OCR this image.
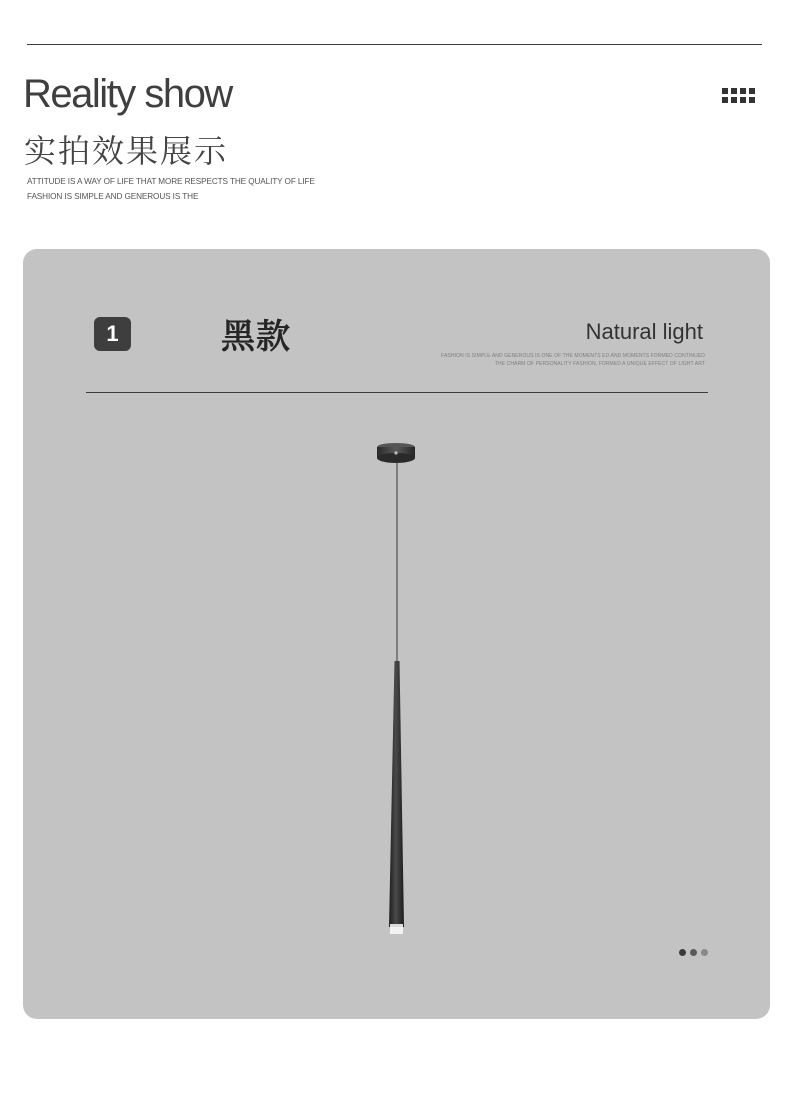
Reality show
实拍效果展示
ATTITUDE IS A WAY OF LIFE THAT MORE RESPECTS THE QUALITY OF LIFE
FASHION IS SIMPLE AND GENEROUS IS THE
1	黑款	Natural light
FASHION IS SIMPLE AND GENEROUS IS ONE OF THE MOMENTS ED AND MOMENTS FORMED CONTINUED
THE CHARM OF PERSONALITY FASHION, FORMED A UNIQUE EFFECT OF LIGHT ART
